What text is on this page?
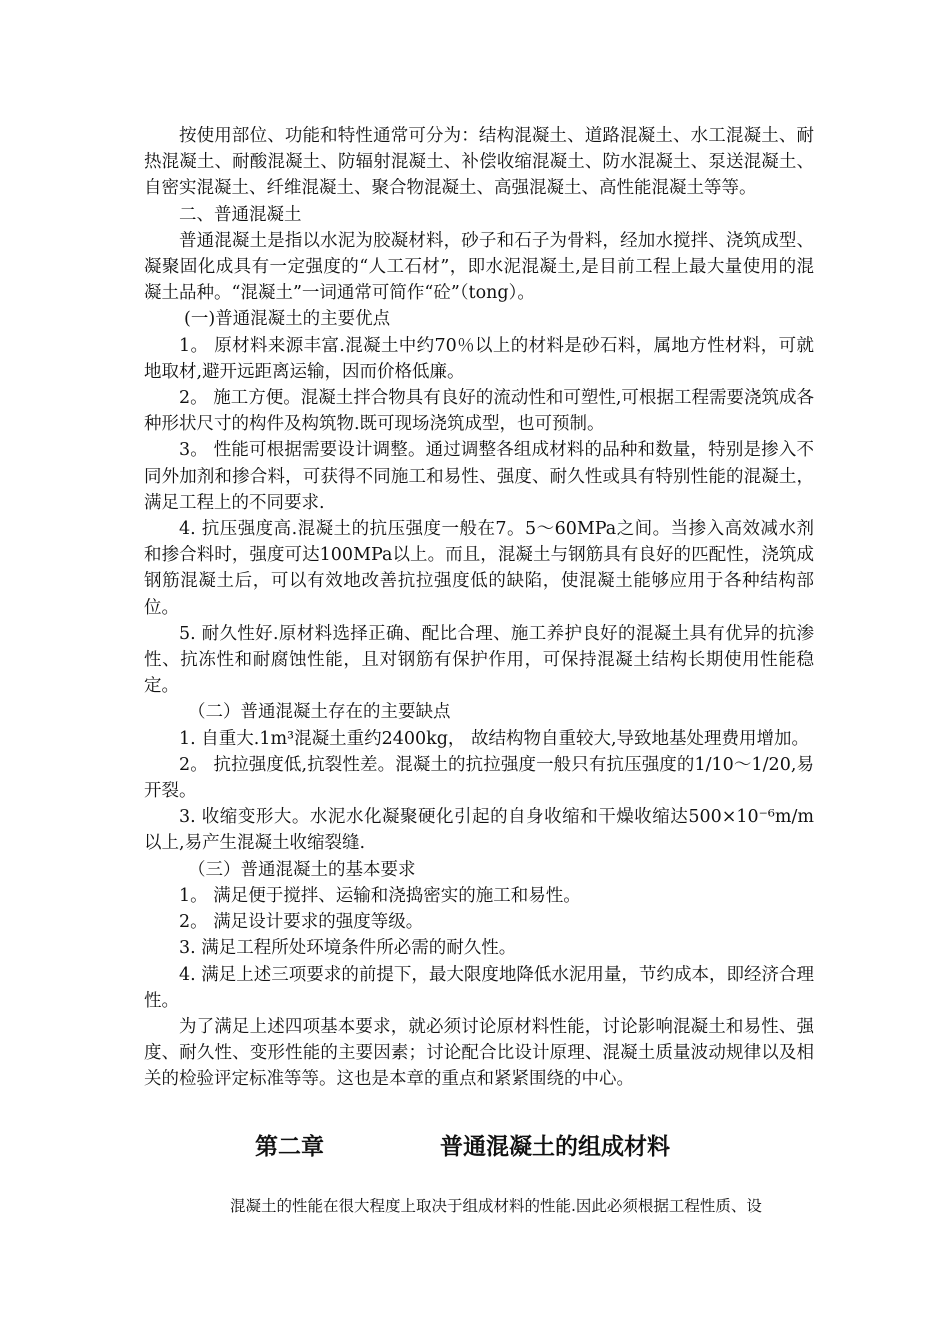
按使用部位、功能和特性通常可分为：结构混凝土、道路混凝土、水工混凝土、耐热混凝土、耐酸混凝土、防辐射混凝土、补偿收缩混凝土、防水混凝土、泵送混凝土、自密实混凝土、纤维混凝土、聚合物混凝土、高强混凝土、高性能混凝土等等。

二、普通混凝土

普通混凝土是指以水泥为胶凝材料，砂子和石子为骨料，经加水搅拌、浇筑成型、凝聚固化成具有一定强度的“人工石材”，即水泥混凝土,是目前工程上最大量使用的混凝土品种。“混凝土”一词通常可简作“砼”（tong）。

(一)普通混凝土的主要优点

1。 原材料来源丰富.混凝土中约70％以上的材料是砂石料，属地方性材料，可就地取材,避开远距离运输，因而价格低廉。

2。 施工方便。混凝土拌合物具有良好的流动性和可塑性,可根据工程需要浇筑成各种形状尺寸的构件及构筑物.既可现场浇筑成型，也可预制。

3。 性能可根据需要设计调整。通过调整各组成材料的品种和数量，特别是掺入不同外加剂和掺合料，可获得不同施工和易性、强度、耐久性或具有特别性能的混凝土，满足工程上的不同要求.

4. 抗压强度高.混凝土的抗压强度一般在7。5～60MPa之间。当掺入高效减水剂和掺合料时，强度可达100MPa以上。而且，混凝土与钢筋具有良好的匹配性，浇筑成钢筋混凝土后，可以有效地改善抗拉强度低的缺陷，使混凝土能够应用于各种结构部位。

5. 耐久性好.原材料选择正确、配比合理、施工养护良好的混凝土具有优异的抗渗性、抗冻性和耐腐蚀性能，且对钢筋有保护作用，可保持混凝土结构长期使用性能稳定。

（二）普通混凝土存在的主要缺点

1. 自重大.1m³混凝土重约2400kg， 故结构物自重较大,导致地基处理费用增加。

2。 抗拉强度低,抗裂性差。混凝土的抗拉强度一般只有抗压强度的1/10～1/20,易开裂。

3. 收缩变形大。水泥水化凝聚硬化引起的自身收缩和干燥收缩达500×10⁻⁶m/m以上,易产生混凝土收缩裂缝.

（三）普通混凝土的基本要求

1。 满足便于搅拌、运输和浇捣密实的施工和易性。

2。 满足设计要求的强度等级。

3. 满足工程所处环境条件所必需的耐久性。

4. 满足上述三项要求的前提下，最大限度地降低水泥用量，节约成本，即经济合理性。

为了满足上述四项基本要求，就必须讨论原材料性能，讨论影响混凝土和易性、强度、耐久性、变形性能的主要因素；讨论配合比设计原理、混凝土质量波动规律以及相关的检验评定标准等等。这也是本章的重点和紧紧围绕的中心。

第二章	普通混凝土的组成材料
混凝土的性能在很大程度上取决于组成材料的性能.因此必须根据工程性质、设
